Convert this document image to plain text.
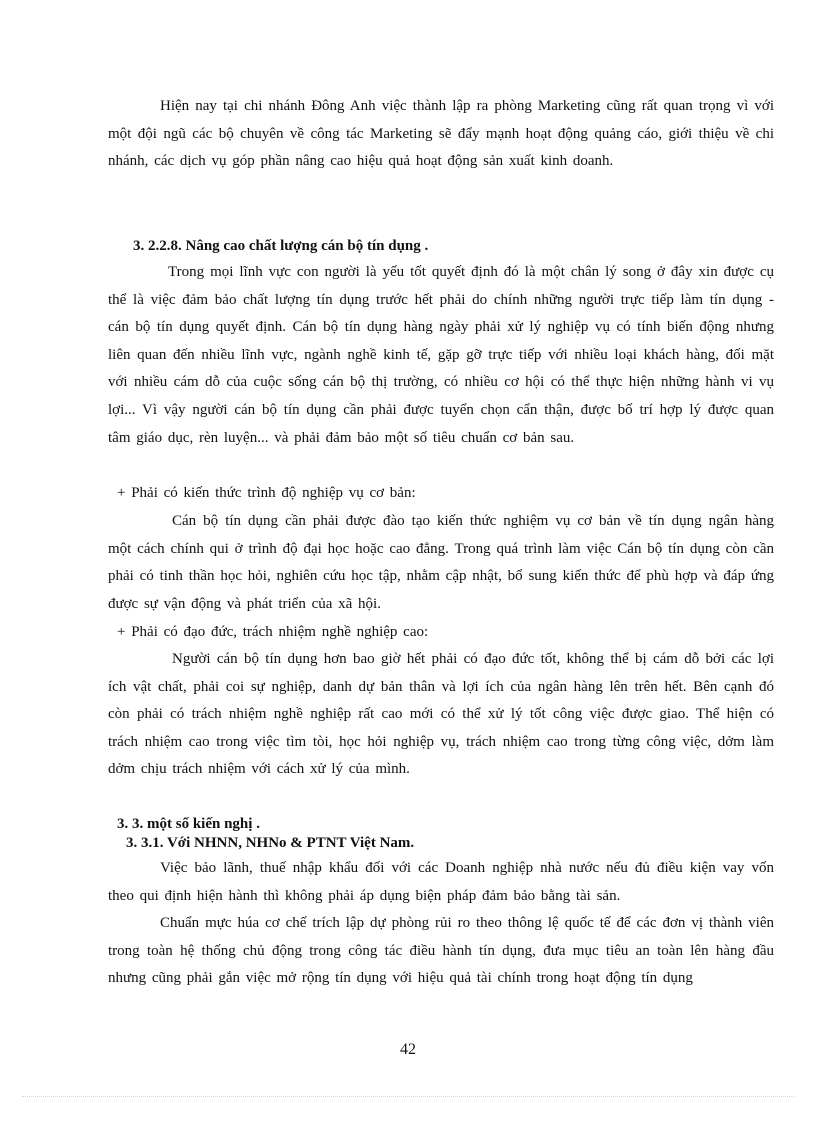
Hiện nay tại chi nhánh Đông Anh việc thành lập ra phòng Marketing cũng rất quan trọng vì với một đội ngũ các bộ chuyên về công tác Marketing sẽ đẩy mạnh hoạt động quảng cáo, giới thiệu về chi nhánh, các dịch vụ góp phần nâng cao hiệu quả hoạt động sản xuất kinh doanh.

3. 2.2.8. Nâng cao chất lượng cán bộ tín dụng .

Trong mọi lĩnh vực con người là yếu tốt quyết định đó là một chân lý song ở đây xin được cụ thể là việc đảm bảo chất lượng tín dụng trước hết phải do chính những người trực tiếp làm tín dụng - cán bộ tín dụng quyết định. Cán bộ tín dụng hàng ngày phải xử lý nghiệp vụ có tính biến động nhưng liên quan đến nhiều lĩnh vực, ngành nghề kinh tế, gặp gỡ trực tiếp với nhiều loại khách hàng, đối mặt với nhiều cám dỗ của cuộc sống cán bộ thị trường, có nhiều cơ hội có thể thực hiện những hành vi vụ lợi... Vì vậy người cán bộ tín dụng cần phải được tuyển chọn cẩn thận, được bố trí hợp lý được quan tâm giáo dục, rèn luyện... và phải đảm bảo một số tiêu chuẩn cơ bản sau.

+ Phải có kiến thức trình độ nghiệp vụ cơ bản:

Cán bộ tín dụng cần phải được đào tạo kiến thức nghiệm vụ cơ bản về tín dụng ngân hàng một cách chính qui ở trình độ đại học hoặc cao đẳng. Trong quá trình làm việc Cán bộ tín dụng còn cần phải có tinh thần học hỏi, nghiên cứu học tập, nhằm cập nhật, bổ sung kiến thức để phù hợp và đáp ứng được sự vận động và phát triển của xã hội.

+ Phải có đạo đức, trách nhiệm nghề nghiệp cao:

Người cán bộ tín dụng hơn bao giờ hết phải có đạo đức tốt, không thể bị cám dỗ bởi các lợi ích vật chất, phải coi sự nghiệp, danh dự bản thân và lợi ích của ngân hàng lên trên hết. Bên cạnh đó còn phải có trách nhiệm nghề nghiệp rất cao mới có thể xử lý tốt công việc được giao. Thể hiện có trách nhiệm cao trong việc tìm tòi, học hỏi nghiệp vụ, trách nhiệm cao trong từng công việc, dởm làm dởm chịu trách nhiệm với cách xử lý của mình.

3. 3. một số kiến nghị .
3. 3.1. Với NHNN, NHNo & PTNT Việt Nam.

Việc bảo lãnh, thuế nhập khẩu đối với các Doanh nghiệp nhà nước nếu đủ điều kiện vay vốn theo qui định hiện hành thì không phải áp dụng biện pháp đảm bảo bằng tài sản.

Chuẩn mực húa cơ chế trích lập dự phòng rủi ro theo thông lệ quốc tế để các đơn vị thành viên trong toàn hệ thống chủ động trong công tác điều hành tín dụng, đưa mục tiêu an toàn lên hàng đầu nhưng cũng phải gắn việc mở rộng tín dụng với hiệu quả tài chính trong hoạt động tín dụng

42
